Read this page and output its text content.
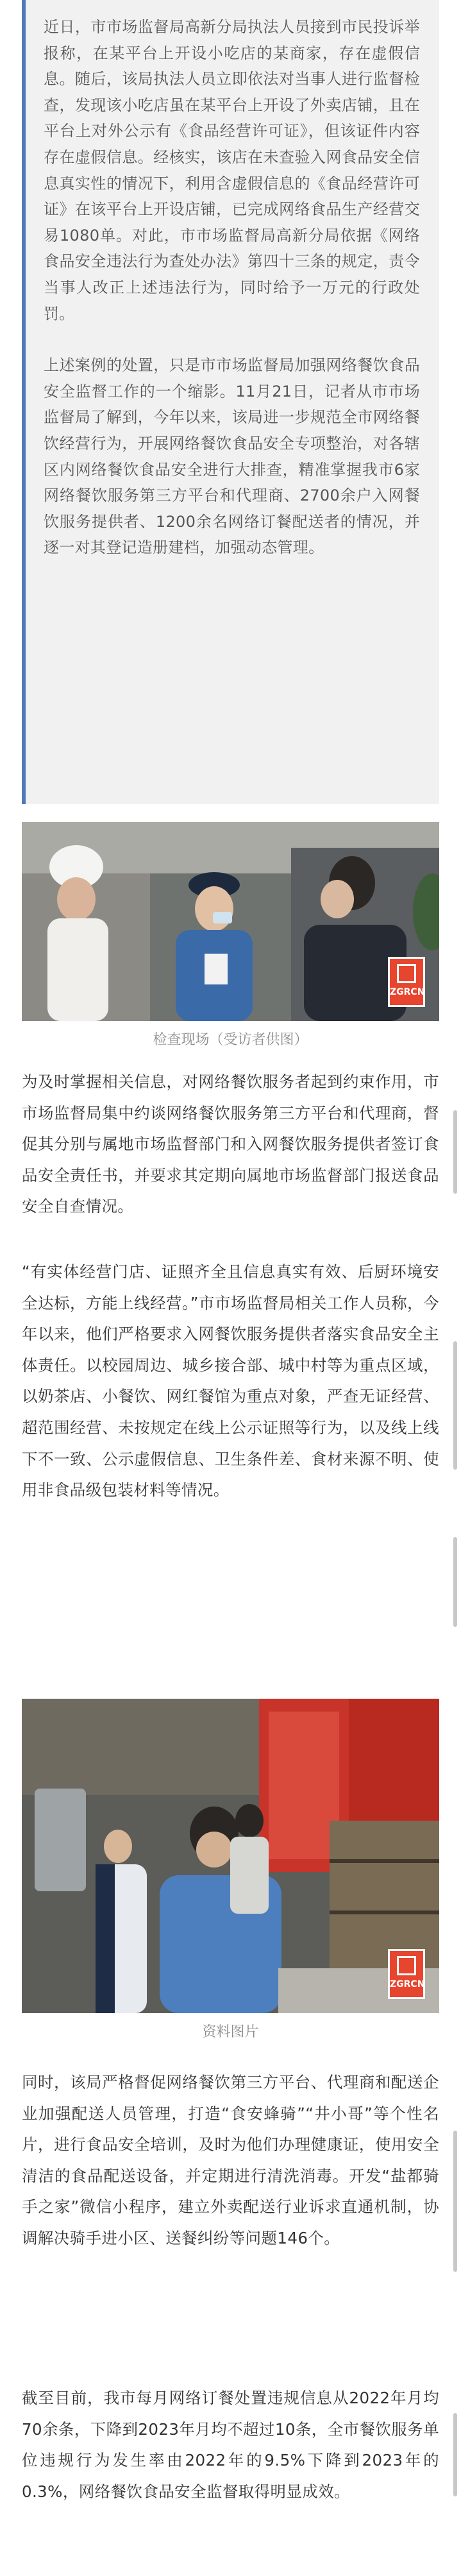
近日，市市场监督局高新分局执法人员接到市民投诉举报称，在某平台上开设小吃店的某商家，存在虚假信息。随后，该局执法人员立即依法对当事人进行监督检查，发现该小吃店虽在某平台上开设了外卖店铺，且在平台上对外公示有《食品经营许可证》，但该证件内容存在虚假信息。经核实，该店在未查验入网食品安全信息真实性的情况下，利用含虚假信息的《食品经营许可证》在该平台上开设店铺，已完成网络食品生产经营交易1080单。对此，市市场监督局高新分局依据《网络食品安全违法行为查处办法》第四十三条的规定，责令当事人改正上述违法行为，同时给予一万元的行政处罚。

上述案例的处置，只是市市场监督局加强网络餐饮食品安全监督工作的一个缩影。11月21日，记者从市市场监督局了解到，今年以来，该局进一步规范全市网络餐饮经营行为，开展网络餐饮食品安全专项整治，对各辖区内网络餐饮食品安全进行大排查，精准掌握我市6家网络餐饮服务第三方平台和代理商、2700余户入网餐饮服务提供者、1200余名网络订餐配送者的情况，并逐一对其登记造册建档，加强动态管理。

ZGRCN
检查现场（受访者供图）

为及时掌握相关信息，对网络餐饮服务者起到约束作用，市市场监督局集中约谈网络餐饮服务第三方平台和代理商，督促其分别与属地市场监督部门和入网餐饮服务提供者签订食品安全责任书，并要求其定期向属地市场监督部门报送食品安全自查情况。

“有实体经营门店、证照齐全且信息真实有效、后厨环境安全达标，方能上线经营。”市市场监督局相关工作人员称，今年以来，他们严格要求入网餐饮服务提供者落实食品安全主体责任。以校园周边、城乡接合部、城中村等为重点区域，以奶茶店、小餐饮、网红餐馆为重点对象，严查无证经营、超范围经营、未按规定在线上公示证照等行为，以及线上线下不一致、公示虚假信息、卫生条件差、食材来源不明、使用非食品级包装材料等情况。

ZGRCN
资料图片

同时，该局严格督促网络餐饮第三方平台、代理商和配送企业加强配送人员管理，打造“食安蜂骑”“井小哥”等个性名片，进行食品安全培训，及时为他们办理健康证，使用安全清洁的食品配送设备，并定期进行清洗消毒。开发“盐都骑手之家”微信小程序，建立外卖配送行业诉求直通机制，协调解决骑手进小区、送餐纠纷等问题146个。

截至目前，我市每月网络订餐处置违规信息从2022年月均70余条，下降到2023年月均不超过10条，全市餐饮服务单位违规行为发生率由2022年的9.5%下降到2023年的0.3%，网络餐饮食品安全监督取得明显成效。
